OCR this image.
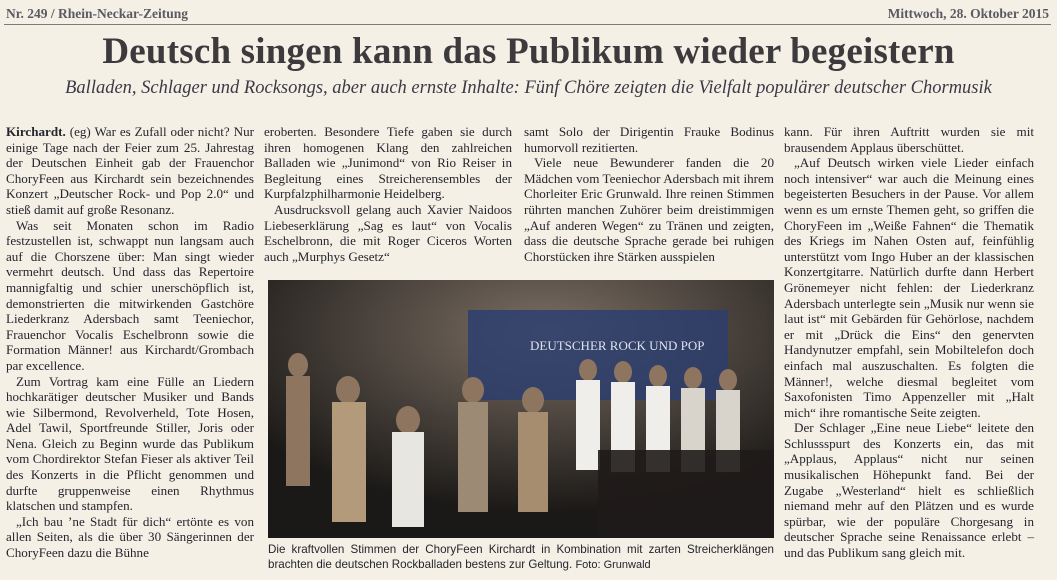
Nr. 249 / Rhein-Neckar-Zeitung	Mittwoch, 28. Oktober 2015
Deutsch singen kann das Publikum wieder begeistern
Balladen, Schlager und Rocksongs, aber auch ernste Inhalte: Fünf Chöre zeigten die Vielfalt populärer deutscher Chormusik

Kirchardt. (eg) War es Zufall oder nicht? Nur einige Tage nach der Feier zum 25. Jahrestag der Deutschen Einheit gab der Frauenchor ChoryFeen aus Kirchardt sein bezeichnendes Konzert „Deutscher Rock- und Pop 2.0“ und stieß damit auf große Resonanz.

Was seit Monaten schon im Radio festzustellen ist, schwappt nun langsam auch auf die Chorszene über: Man singt wieder vermehrt deutsch. Und dass das Repertoire mannigfaltig und schier unerschöpflich ist, demonstrierten die mitwirkenden Gastchöre Liederkranz Adersbach samt Teeniechor, Frauenchor Vocalis Eschelbronn sowie die Formation Männer! aus Kirchardt/Grombach par excellence.

Zum Vortrag kam eine Fülle an Liedern hochkarätiger deutscher Musiker und Bands wie Silbermond, Revolverheld, Tote Hosen, Adel Tawil, Sportfreunde Stiller, Joris oder Nena. Gleich zu Beginn wurde das Publikum vom Chordirektor Stefan Fieser als aktiver Teil des Konzerts in die Pflicht genommen und durfte gruppenweise einen Rhythmus klatschen und stampfen.

„Ich bau ’ne Stadt für dich“ ertönte es von allen Seiten, als die über 30 Sängerinnen der ChoryFeen dazu die Bühne

eroberten. Besondere Tiefe gaben sie durch ihren homogenen Klang den zahlreichen Balladen wie „Junimond“ von Rio Reiser in Begleitung eines Streicherensembles der Kurpfalzphilharmonie Heidelberg.

Ausdrucksvoll gelang auch Xavier Naidoos Liebeserklärung „Sag es laut“ von Vocalis Eschelbronn, die mit Roger Ciceros Worten auch „Murphys Gesetz“

samt Solo der Dirigentin Frauke Bodinus humorvoll rezitierten.

Viele neue Bewunderer fanden die 20 Mädchen vom Teeniechor Adersbach mit ihrem Chorleiter Eric Grunwald. Ihre reinen Stimmen rührten manchen Zuhörer beim dreistimmigen „Auf anderen Wegen“ zu Tränen und zeigten, dass die deutsche Sprache gerade bei ruhigen Chorstücken ihre Stärken ausspielen

kann. Für ihren Auftritt wurden sie mit brausendem Applaus überschüttet.

„Auf Deutsch wirken viele Lieder einfach noch intensiver“ war auch die Meinung eines begeisterten Besuchers in der Pause. Vor allem wenn es um ernste Themen geht, so griffen die ChoryFeen im „Weiße Fahnen“ die Thematik des Kriegs im Nahen Osten auf, feinfühlig unterstützt vom Ingo Huber an der klassischen Konzertgitarre. Natürlich durfte dann Herbert Grönemeyer nicht fehlen: der Liederkranz Adersbach unterlegte sein „Musik nur wenn sie laut ist“ mit Gebärden für Gehörlose, nachdem er mit „Drück die Eins“ den genervten Handynutzer empfahl, sein Mobiltelefon doch einfach mal auszuschalten. Es folgten die Männer!, welche diesmal begleitet vom Saxofonisten Timo Appenzeller mit „Halt mich“ ihre romantische Seite zeigten.

Der Schlager „Eine neue Liebe“ leitete den Schlussspurt des Konzerts ein, das mit „Applaus, Applaus“ nicht nur seinen musikalischen Höhepunkt fand. Bei der Zugabe „Westerland“ hielt es schließlich niemand mehr auf den Plätzen und es wurde spürbar, wie der populäre Chorgesang in deutscher Sprache seine Renaissance erlebt – und das Publikum sang gleich mit.

DEUTSCHER ROCK UND POP
Die kraftvollen Stimmen der ChoryFeen Kirchardt in Kombination mit zarten Streicherklängen brachten die deutschen Rockballaden bestens zur Geltung. Foto: Grunwald
